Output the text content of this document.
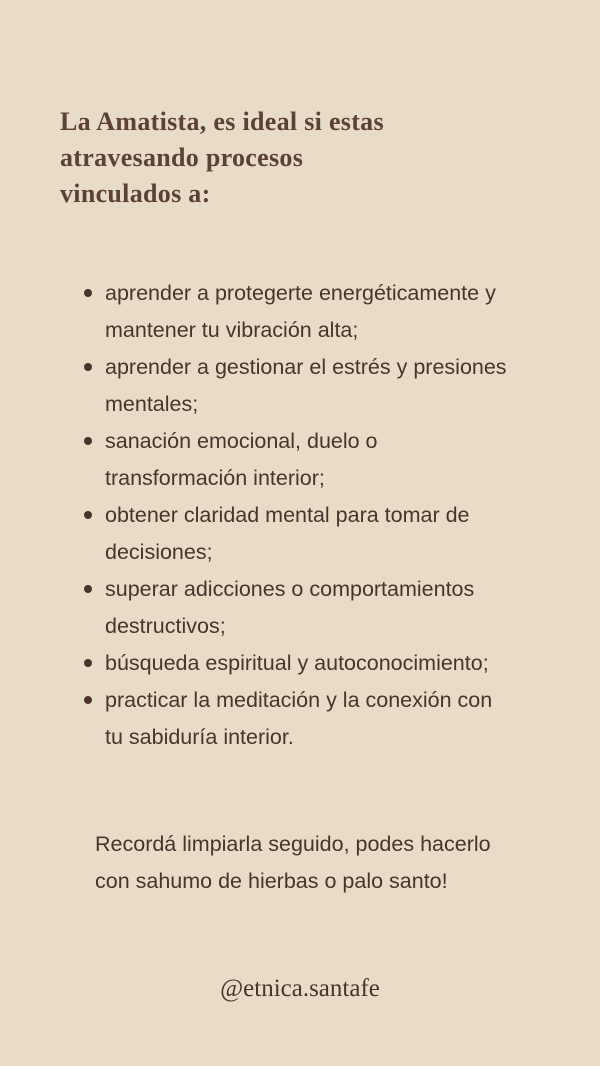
La Amatista, es ideal si estas
atravesando procesos
vinculados a:
aprender a protegerte energéticamente y
mantener tu vibración alta;
aprender a gestionar el estrés y presiones
mentales;
sanación emocional, duelo o
transformación interior;
obtener claridad mental para tomar de
decisiones;
superar adicciones o comportamientos
destructivos;
búsqueda espiritual y autoconocimiento;
practicar la meditación y la conexión con
tu sabiduría interior.

Recordá limpiarla seguido, podes hacerlo
con sahumo de hierbas o palo santo!

@etnica.santafe
